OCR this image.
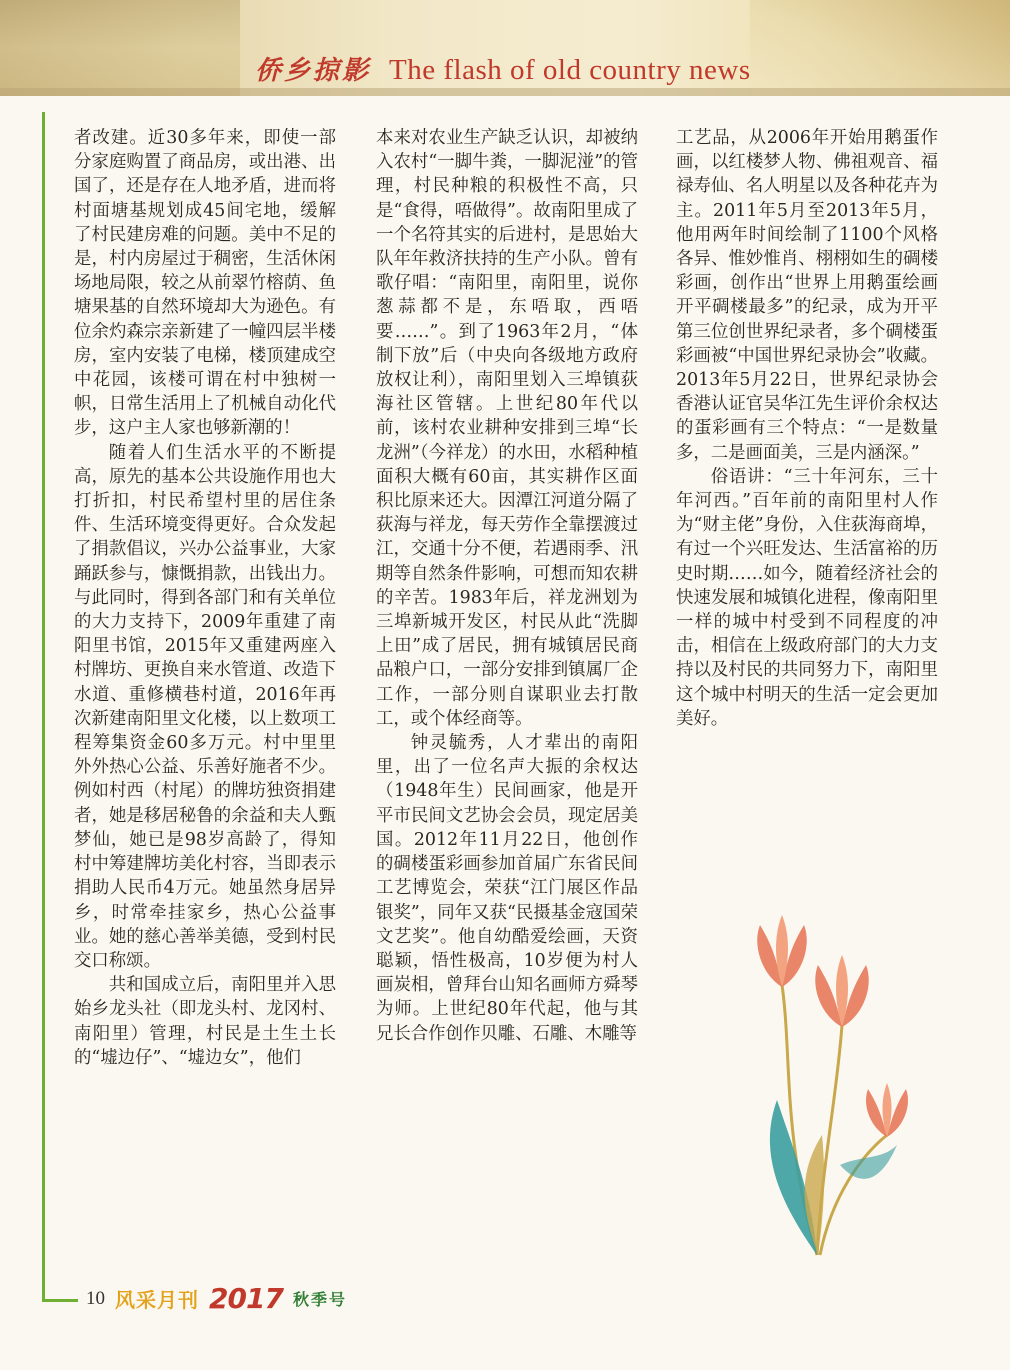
侨乡掠影 The flash of old country news

者改建。近30多年来，即使一部分家庭购置了商品房，或出港、出国了，还是存在人地矛盾，进而将村面塘基规划成45间宅地，缓解了村民建房难的问题。美中不足的是，村内房屋过于稠密，生活休闲场地局限，较之从前翠竹榕荫、鱼塘果基的自然环境却大为逊色。有位余灼森宗亲新建了一幢四层半楼房，室内安装了电梯，楼顶建成空中花园，该楼可谓在村中独树一帜，日常生活用上了机械自动化代步，这户主人家也够新潮的！

随着人们生活水平的不断提高，原先的基本公共设施作用也大打折扣，村民希望村里的居住条件、生活环境变得更好。合众发起了捐款倡议，兴办公益事业，大家踊跃参与，慷慨捐款，出钱出力。与此同时，得到各部门和有关单位的大力支持下，2009年重建了南阳里书馆，2015年又重建两座入村牌坊、更换自来水管道、改造下水道、重修横巷村道，2016年再次新建南阳里文化楼，以上数项工程筹集资金60多万元。村中里里外外热心公益、乐善好施者不少。例如村西（村尾）的牌坊独资捐建者，她是移居秘鲁的余益和夫人甄梦仙，她已是98岁高龄了，得知村中筹建牌坊美化村容，当即表示捐助人民币4万元。她虽然身居异乡，时常牵挂家乡，热心公益事业。她的慈心善举美德，受到村民交口称颂。

共和国成立后，南阳里并入思始乡龙头社（即龙头村、龙冈村、南阳里）管理，村民是土生土长的“墟边仔”、“墟边女”，他们

本来对农业生产缺乏认识，却被纳入农村“一脚牛粪，一脚泥湴”的管理，村民种粮的积极性不高，只是“食得，唔做得”。故南阳里成了一个名符其实的后进村，是思始大队年年救济扶持的生产小队。曾有歌仔唱：“南阳里，南阳里，说你葱蒜都不是，东唔取，西唔要……”。到了1963年2月，“体制下放”后（中央向各级地方政府放权让利），南阳里划入三埠镇荻海社区管辖。上世纪80年代以前，该村农业耕种安排到三埠“长龙洲”（今祥龙）的水田，水稻种植面积大概有60亩，其实耕作区面积比原来还大。因潭江河道分隔了荻海与祥龙，每天劳作全靠摆渡过江，交通十分不便，若遇雨季、汛期等自然条件影响，可想而知农耕的辛苦。1983年后，祥龙洲划为三埠新城开发区，村民从此“洗脚上田”成了居民，拥有城镇居民商品粮户口，一部分安排到镇属厂企工作，一部分则自谋职业去打散工，或个体经商等。

钟灵毓秀，人才辈出的南阳里，出了一位名声大振的余权达（1948年生）民间画家，他是开平市民间文艺协会会员，现定居美国。2012年11月22日，他创作的碉楼蛋彩画参加首届广东省民间工艺博览会，荣获“江门展区作品银奖”，同年又获“民摄基金寇国荣文艺奖”。他自幼酷爱绘画，天资聪颖，悟性极高，10岁便为村人画炭相，曾拜台山知名画师方舜琴为师。上世纪80年代起，他与其兄长合作创作贝雕、石雕、木雕等

工艺品，从2006年开始用鹅蛋作画，以红楼梦人物、佛祖观音、福禄寿仙、名人明星以及各种花卉为主。2011年5月至2013年5月，他用两年时间绘制了1100个风格各异、惟妙惟肖、栩栩如生的碉楼彩画，创作出“世界上用鹅蛋绘画开平碉楼最多”的纪录，成为开平第三位创世界纪录者，多个碉楼蛋彩画被“中国世界纪录协会”收藏。2013年5月22日，世界纪录协会香港认证官吴华江先生评价余权达的蛋彩画有三个特点：“一是数量多，二是画面美，三是内涵深。”

俗语讲：“三十年河东，三十年河西。”百年前的南阳里村人作为“财主佬”身份，入住荻海商埠，有过一个兴旺发达、生活富裕的历史时期……如今，随着经济社会的快速发展和城镇化进程，像南阳里一样的城中村受到不同程度的冲击，相信在上级政府部门的大力支持以及村民的共同努力下，南阳里这个城中村明天的生活一定会更加美好。

10 风采月刊 2017 秋季号
